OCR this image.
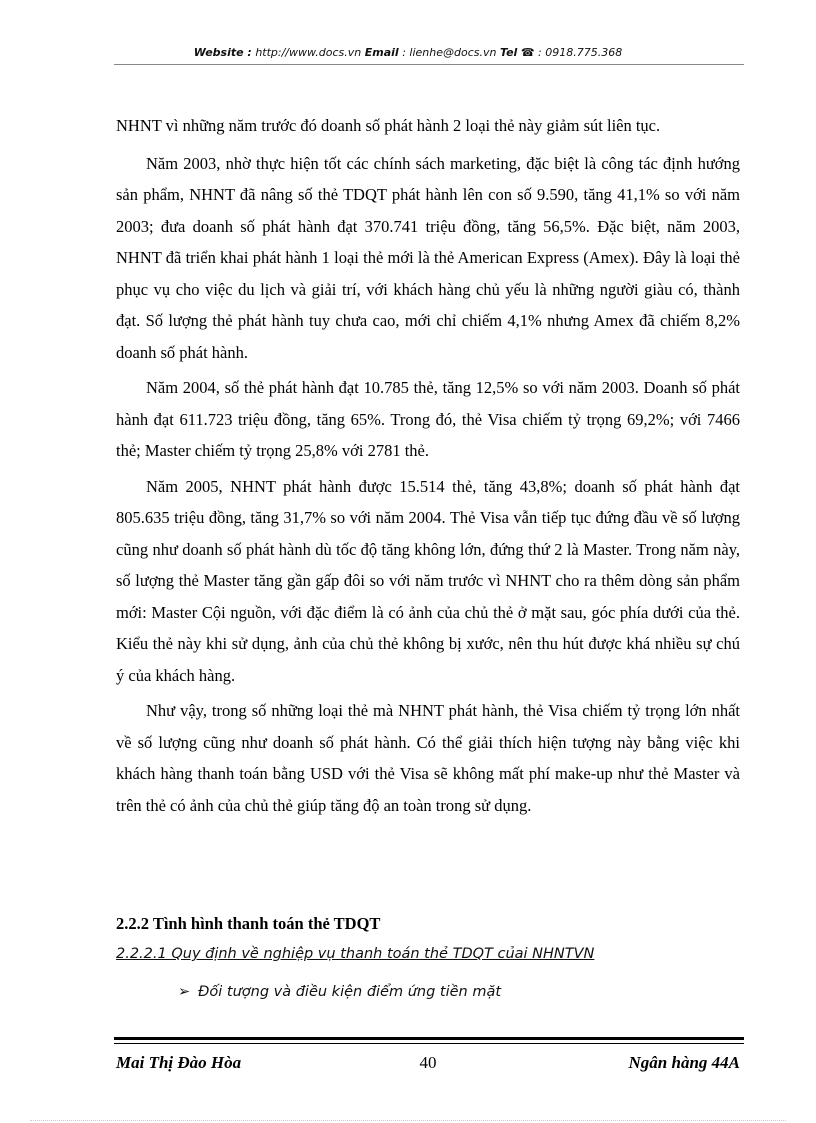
Website : http://www.docs.vn Email : lienhe@docs.vn Tel ☎ : 0918.775.368

NHNT vì những năm trước đó doanh số phát hành 2 loại thẻ này giảm sút liên tục.

Năm 2003, nhờ thực hiện tốt các chính sách marketing, đặc biệt là công tác định hướng sản phẩm, NHNT đã nâng số thẻ TDQT phát hành lên con số 9.590, tăng 41,1% so với năm 2003; đưa doanh số phát hành đạt 370.741 triệu đồng, tăng 56,5%. Đặc biệt, năm 2003, NHNT đã triển khai phát hành 1 loại thẻ mới là thẻ American Express (Amex). Đây là loại thẻ phục vụ cho việc du lịch và giải trí, với khách hàng chủ yếu là những người giàu có, thành đạt. Số lượng thẻ phát hành tuy chưa cao, mới chỉ chiếm 4,1% nhưng Amex đã chiếm 8,2% doanh số phát hành.

Năm 2004, số thẻ phát hành đạt 10.785 thẻ, tăng 12,5% so với năm 2003. Doanh số phát hành đạt 611.723 triệu đồng, tăng 65%. Trong đó, thẻ Visa chiếm tỷ trọng 69,2%; với 7466 thẻ; Master chiếm tỷ trọng 25,8% với 2781 thẻ.

Năm 2005, NHNT phát hành được 15.514 thẻ, tăng 43,8%; doanh số phát hành đạt 805.635 triệu đồng, tăng 31,7% so với năm 2004. Thẻ Visa vẫn tiếp tục đứng đầu về số lượng cũng như doanh số phát hành dù tốc độ tăng không lớn, đứng thứ 2 là Master. Trong năm này, số lượng thẻ Master tăng gần gấp đôi so với năm trước vì NHNT cho ra thêm dòng sản phẩm mới: Master Cội nguồn, với đặc điểm là có ảnh của chủ thẻ ở mặt sau, góc phía dưới của thẻ. Kiểu thẻ này khi sử dụng, ảnh của chủ thẻ không bị xước, nên thu hút được khá nhiều sự chú ý của khách hàng.

Như vậy, trong số những loại thẻ mà NHNT phát hành, thẻ Visa chiếm tỷ trọng lớn nhất về số lượng cũng như doanh số phát hành. Có thể giải thích hiện tượng này bằng việc khi khách hàng thanh toán bằng USD với thẻ Visa sẽ không mất phí make-up như thẻ Master và trên thẻ có ảnh của chủ thẻ giúp tăng độ an toàn trong sử dụng.

2.2.2 Tình hình thanh toán thẻ TDQT
2.2.2.1 Quy định về nghiệp vụ thanh toán thẻ TDQT củai NHNTVN
➢ Đối tượng và điều kiện điểm ứng tiền mặt
Mai Thị Đào Hòa	40	Ngân hàng 44A
